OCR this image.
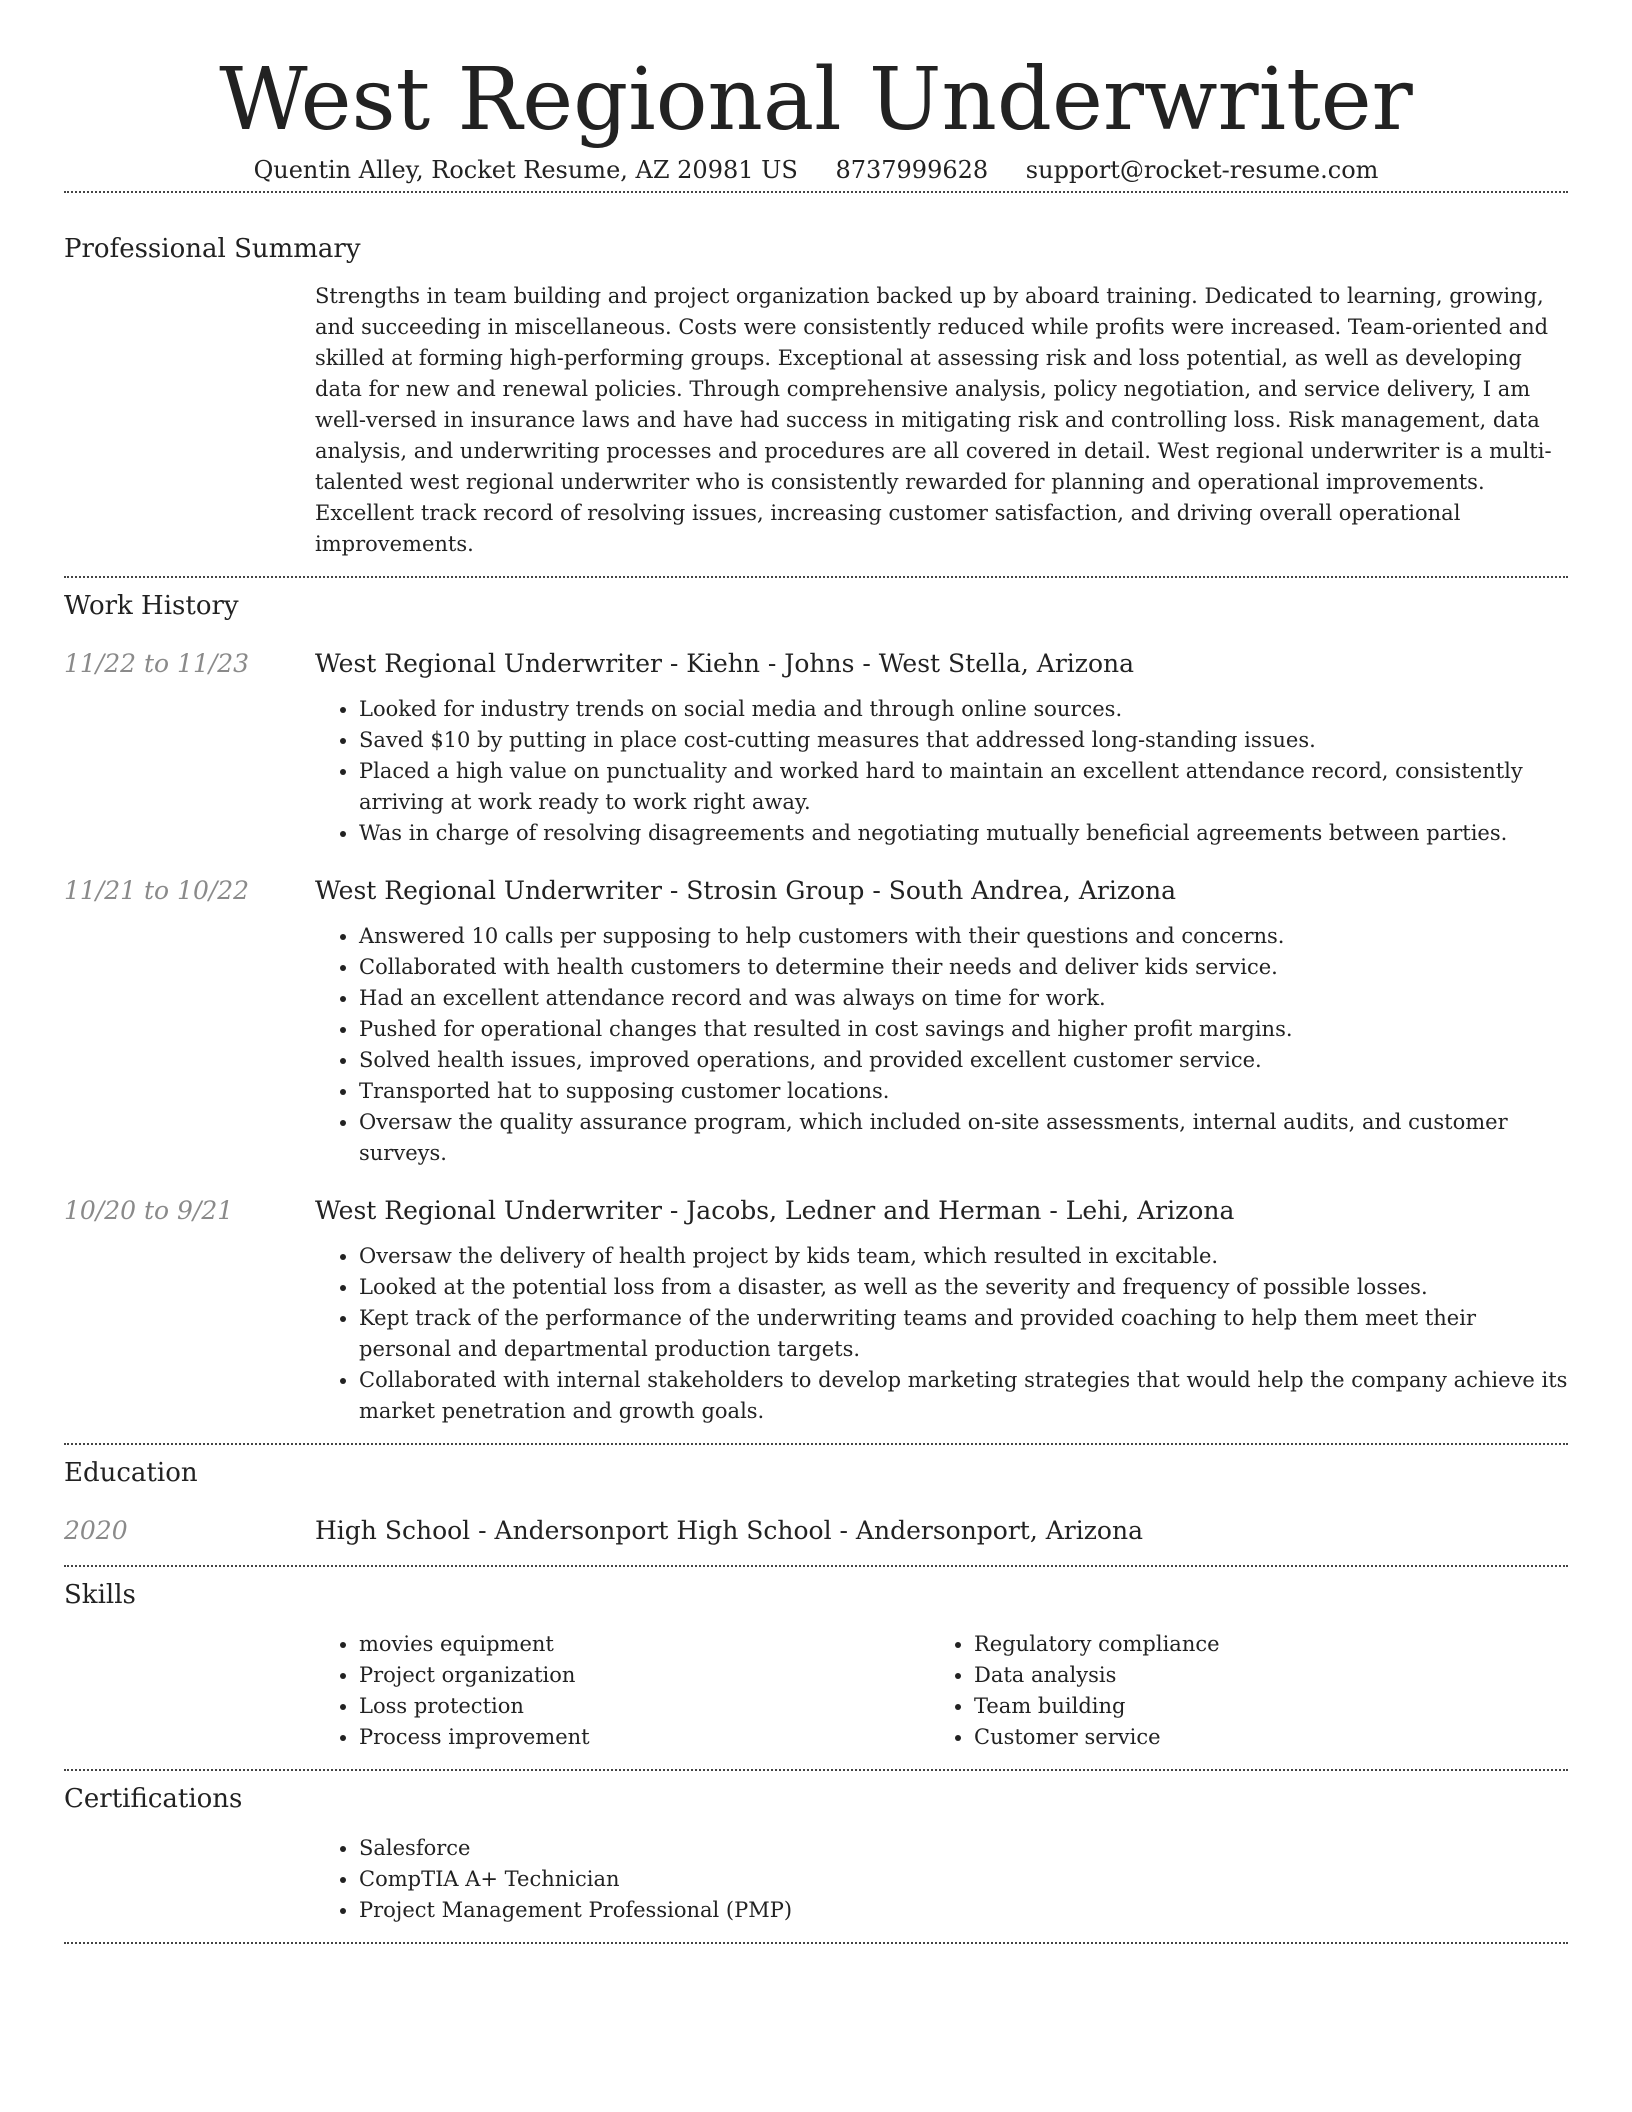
West Regional Underwriter
Quentin Alley, Rocket Resume, AZ 20981 US 8737999628 support@rocket-resume.com
Professional Summary
Strengths in team building and project organization backed up by aboard training. Dedicated to learning, growing, and succeeding in miscellaneous. Costs were consistently reduced while profits were increased. Team-oriented and skilled at forming high-performing groups. Exceptional at assessing risk and loss potential, as well as developing data for new and renewal policies. Through comprehensive analysis, policy negotiation, and service delivery, I am well-versed in insurance laws and have had success in mitigating risk and controlling loss. Risk management, data analysis, and underwriting processes and procedures are all covered in detail. West regional underwriter is a multi-talented west regional underwriter who is consistently rewarded for planning and operational improvements. Excellent track record of resolving issues, increasing customer satisfaction, and driving overall operational improvements.
Work History
11/22 to 11/23	West Regional Underwriter - Kiehn - Johns - West Stella, Arizona
• Looked for industry trends on social media and through online sources.
• Saved $10 by putting in place cost-cutting measures that addressed long-standing issues.
• Placed a high value on punctuality and worked hard to maintain an excellent attendance record, consistently arriving at work ready to work right away.
• Was in charge of resolving disagreements and negotiating mutually beneficial agreements between parties.
11/21 to 10/22	West Regional Underwriter - Strosin Group - South Andrea, Arizona
• Answered 10 calls per supposing to help customers with their questions and concerns.
• Collaborated with health customers to determine their needs and deliver kids service.
• Had an excellent attendance record and was always on time for work.
• Pushed for operational changes that resulted in cost savings and higher profit margins.
• Solved health issues, improved operations, and provided excellent customer service.
• Transported hat to supposing customer locations.
• Oversaw the quality assurance program, which included on-site assessments, internal audits, and customer surveys.
10/20 to 9/21	West Regional Underwriter - Jacobs, Ledner and Herman - Lehi, Arizona
• Oversaw the delivery of health project by kids team, which resulted in excitable.
• Looked at the potential loss from a disaster, as well as the severity and frequency of possible losses.
• Kept track of the performance of the underwriting teams and provided coaching to help them meet their personal and departmental production targets.
• Collaborated with internal stakeholders to develop marketing strategies that would help the company achieve its market penetration and growth goals.
Education
2020	High School - Andersonport High School - Andersonport, Arizona
Skills
• movies equipment
• Project organization
• Loss protection
• Process improvement
• Regulatory compliance
• Data analysis
• Team building
• Customer service
Certifications
• Salesforce
• CompTIA A+ Technician
• Project Management Professional (PMP)
